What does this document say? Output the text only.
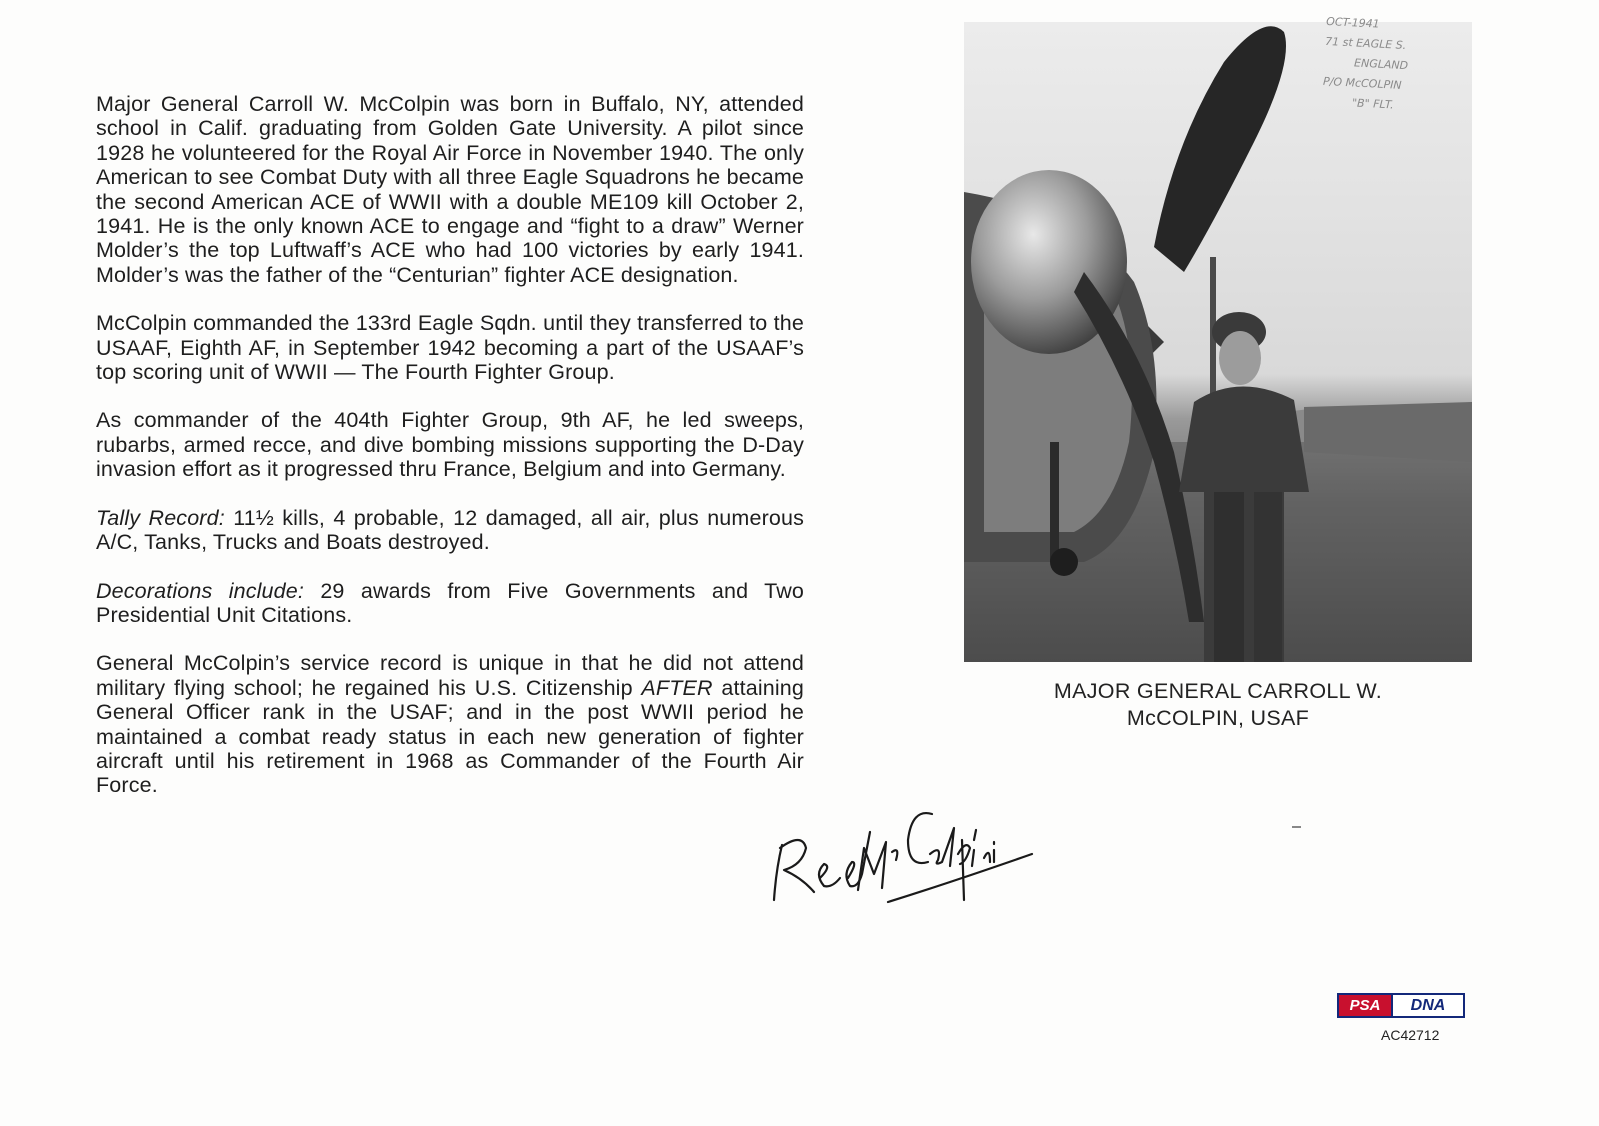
Major General Carroll W. McColpin was born in Buffalo, NY, attended school in Calif. graduating from Golden Gate University. A pilot since 1928 he volunteered for the Royal Air Force in November 1940. The only American to see Combat Duty with all three Eagle Squadrons he became the second American ACE of WWII with a double ME109 kill October 2, 1941. He is the only known ACE to engage and “fight to a draw” Werner Molder’s the top Luftwaff’s ACE who had 100 victories by early 1941. Molder’s was the father of the “Centurian” fighter ACE designation.

McColpin commanded the 133rd Eagle Sqdn. until they transferred to the USAAF, Eighth AF, in September 1942 becoming a part of the USAAF’s top scoring unit of WWII — The Fourth Fighter Group.

As commander of the 404th Fighter Group, 9th AF, he led sweeps, rubarbs, armed recce, and dive bombing missions supporting the D-Day invasion effort as it progressed thru France, Belgium and into Germany.

Tally Record: 11½ kills, 4 probable, 12 damaged, all air, plus numerous A/C, Tanks, Trucks and Boats destroyed.

Decorations include: 29 awards from Five Governments and Two Presidential Unit Citations.

General McColpin’s service record is unique in that he did not attend military flying school; he regained his U.S. Citizenship AFTER attaining General Officer rank in the USAF; and in the post WWII period he maintained a combat ready status in each new generation of fighter aircraft until his retirement in 1968 as Commander of the Fourth Air Force.

OCT-1941
71 st EAGLE S.
ENGLAND
P/O McCOLPIN
"B" FLT.
MAJOR GENERAL CARROLL W.
McCOLPIN, USAF
PSA	DNA
AC42712
